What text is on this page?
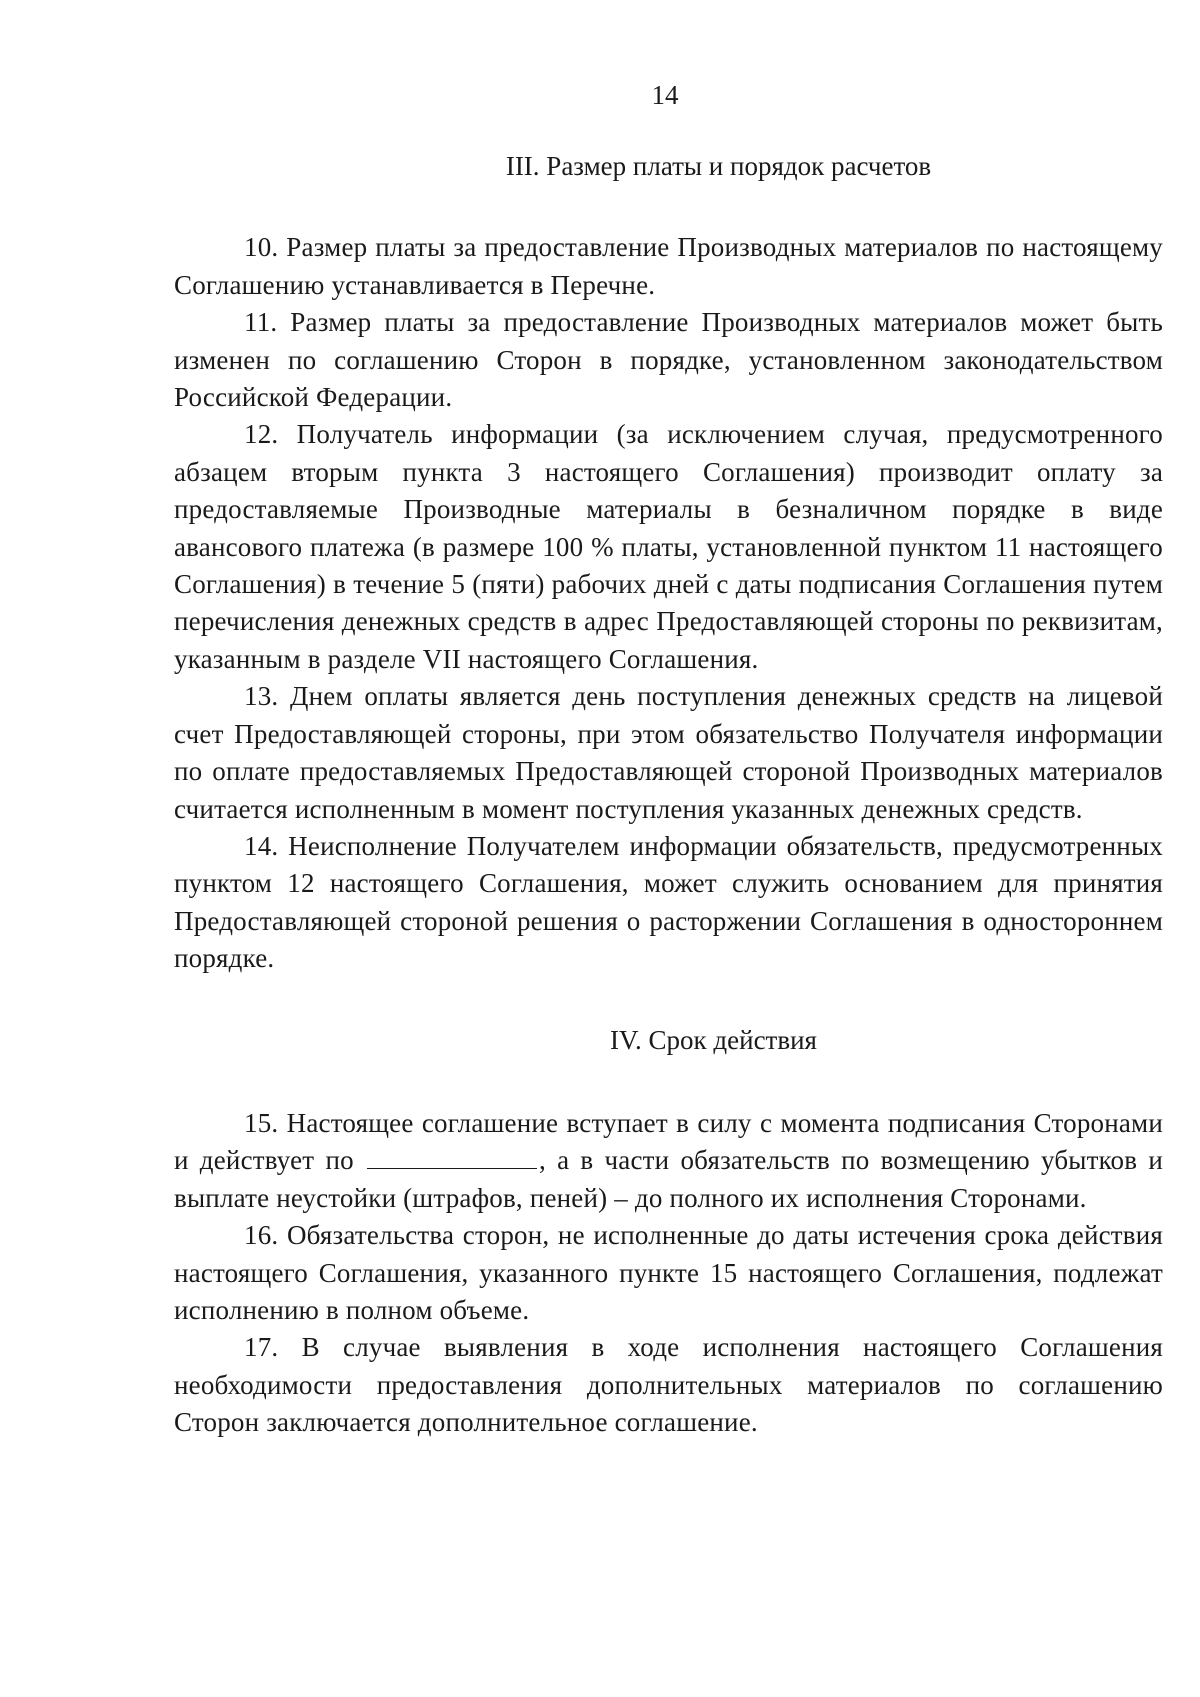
14
III. Размер платы и порядок расчетов

10. Размер платы за предоставление Производных материалов по настоящему Соглашению устанавливается в Перечне.

11. Размер платы за предоставление Производных материалов может быть изменен по соглашению Сторон в порядке, установленном законодательством Российской Федерации.

12. Получатель информации (за исключением случая, предусмотренного абзацем вторым пункта 3 настоящего Соглашения) производит оплату за предоставляемые Производные материалы в безналичном порядке в виде авансового платежа (в размере 100 % платы, установленной пунктом 11 настоящего Соглашения) в течение 5 (пяти) рабочих дней с даты подписания Соглашения путем перечисления денежных средств в адрес Предоставляющей стороны по реквизитам, указанным в разделе VII настоящего Соглашения.

13. Днем оплаты является день поступления денежных средств на лицевой счет Предоставляющей стороны, при этом обязательство Получателя информации по оплате предоставляемых Предоставляющей стороной Производных материалов считается исполненным в момент поступления указанных денежных средств.

14. Неисполнение Получателем информации обязательств, предусмотренных пунктом 12 настоящего Соглашения, может служить основанием для принятия Предоставляющей стороной решения о расторжении Соглашения в одностороннем порядке.

IV. Срок действия

15. Настоящее соглашение вступает в силу с момента подписания Сторонами и действует по	, а в части обязательств по возмещению убытков и выплате неустойки (штрафов, пеней) – до полного их исполнения Сторонами.

16. Обязательства сторон, не исполненные до даты истечения срока действия настоящего Соглашения, указанного пункте 15 настоящего Соглашения, подлежат исполнению в полном объеме.

17. В случае выявления в ходе исполнения настоящего Соглашения необходимости предоставления дополнительных материалов по соглашению Сторон заключается дополнительное соглашение.
